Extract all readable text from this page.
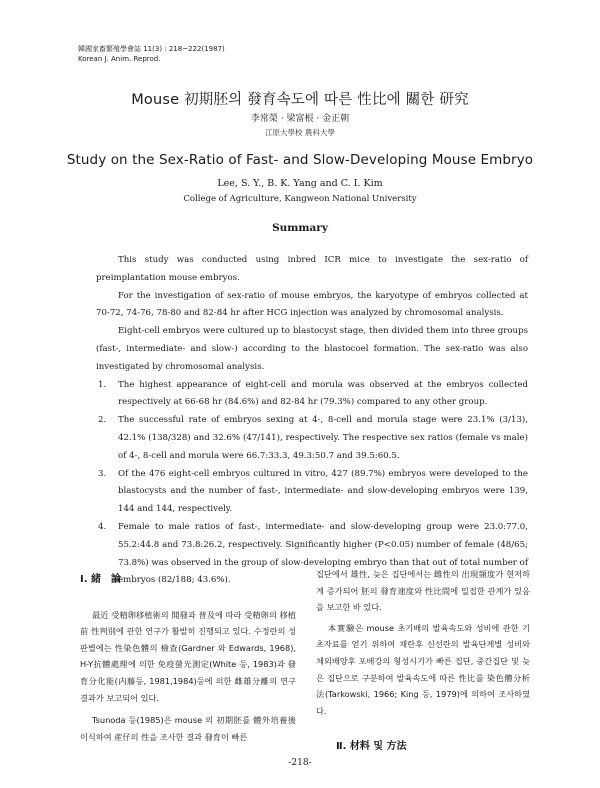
韓國家畜繁殖學會誌 11(3) : 218~222(1987)
Korean J. Anim. Reprod.
Mouse 初期胚의 發育속도에 따른 性比에 關한 研究
李常榮 · 梁富根 · 金正朝
江原大學校 農科大學
Study on the Sex-Ratio of Fast- and Slow-Developing Mouse Embryo
Lee, S. Y., B. K. Yang and C. I. Kim
College of Agriculture, Kangweon National University
Summary

This study was conducted using inbred ICR mice to investigate the sex-ratio of preimplantation mouse embryos.

For the investigation of sex-ratio of mouse embryos, the karyotype of embryos collected at 70-72, 74-76, 78-80 and 82-84 hr after HCG injection was analyzed by chromosomal analysis.

Eight-cell embryos were cultured up to blastocyst stage, then divided them into three groups (fast-, intermediate- and slow-) according to the blastocoel formation. The sex-ratio was also investigated by chromosomal analysis.

1. The highest appearance of eight-cell and morula was observed at the embryos collected respectively at 66-68 hr (84.6%) and 82-84 hr (79.3%) compared to any other group.
2. The successful rate of embryos sexing at 4-, 8-cell and morula stage were 23.1% (3/13), 42.1% (138/328) and 32.6% (47/141), respectively. The respective sex ratios (female vs male) of 4-, 8-cell and morula were 66.7:33.3, 49.3:50.7 and 39.5:60.5.
3. Of the 476 eight-cell embryos cultured in vitro, 427 (89.7%) embryos were developed to the blastocysts and the number of fast-, intermediate- and slow-developing embryos were 139, 144 and 144, respectively.
4. Female to male ratios of fast-, intermediate- and slow-developing group were 23.0:77.0, 55.2:44.8 and 73.8:26.2, respectively. Significantly higher (P<0.05) number of female (48/65; 73.8%) was observed in the group of slow-developing embryo than that out of total number of embryos (82/188; 43.6%).
Ⅰ. 緒　論

最近 受精卵移植術의 開發과 普及에 따라 受精卵의 移植前 性判別에 관한 연구가 활발히 진행되고 있다. 수정란의 성판별에는 性染色體의 檢查(Gardner 와 Edwards, 1968), H-Y抗體處理에 의한 免疫螢光測定(White 등, 1983)과 發育分化能(内藤등, 1981,1984)등에 의한 雌雄分離의 연구결과가 보고되어 있다.

Tsunoda 등(1985)은 mouse 의 初期胚를 體外培養後 이식하여 産仔의 性을 조사한 결과 發育이 빠른

집단에서 雄性, 늦은 집단에서는 雌性의 出現頻度가 현저하게 증가되어 胚의 發育速度와 性比間에 밀접한 관계가 있음을 보고한 바 있다.

本實驗은 mouse 초기배의 발육속도와 성비에 관한 기초자료를 얻기 위하여 채란후 신선란의 발육단계별 성비와 체외배양후 포배강의 형성시기가 빠른 집단, 중간집단 및 늦은 집단으로 구분하여 발육속도에 따른 性比를 染色體分析法(Tarkowski, 1966; King 등, 1979)에 의하여 조사하였다.

Ⅱ. 材料 및 方法
-218-
